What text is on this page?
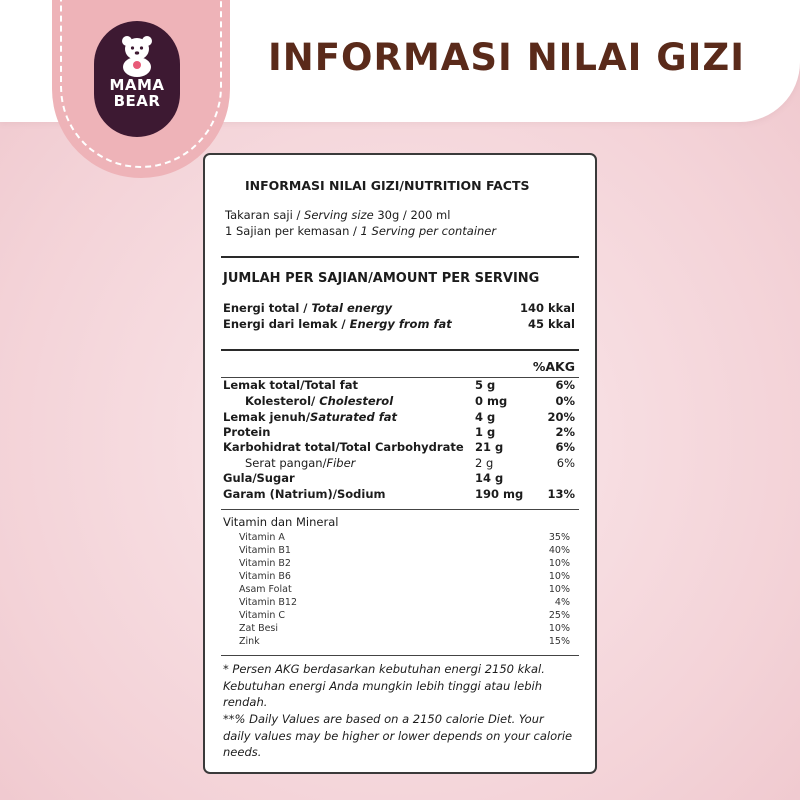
MAMA
BEAR
INFORMASI NILAI GIZI
INFORMASI NILAI GIZI/NUTRITION FACTS
Takaran saji / Serving size 30g / 200 ml
1 Sajian per kemasan / 1 Serving per container
JUMLAH PER SAJIAN/AMOUNT PER SERVING
Energi total / Total energy	140 kkal
Energi dari lemak / Energy from fat	45 kkal
%AKG
Lemak total/Total fat	5 g	6%
Kolesterol/ Cholesterol	0 mg	0%
Lemak jenuh/Saturated fat	4 g	20%
Protein	1 g	2%
Karbohidrat total/Total Carbohydrate 21 g	6%
Serat pangan/Fiber	2 g	6%
Gula/Sugar	14 g
Garam (Natrium)/Sodium	190 mg 13%
Vitamin dan Mineral
Vitamin A	35%
Vitamin B1	40%
Vitamin B2	10%
Vitamin B6	10%
Asam Folat	10%
Vitamin B12	4%
Vitamin C	25%
Zat Besi	10%
Zink	15%
* Persen AKG berdasarkan kebutuhan energi 2150 kkal. Kebutuhan energi Anda mungkin lebih tinggi atau lebih rendah.
**% Daily Values are based on a 2150 calorie Diet. Your daily values may be higher or lower depends on your calorie needs.
